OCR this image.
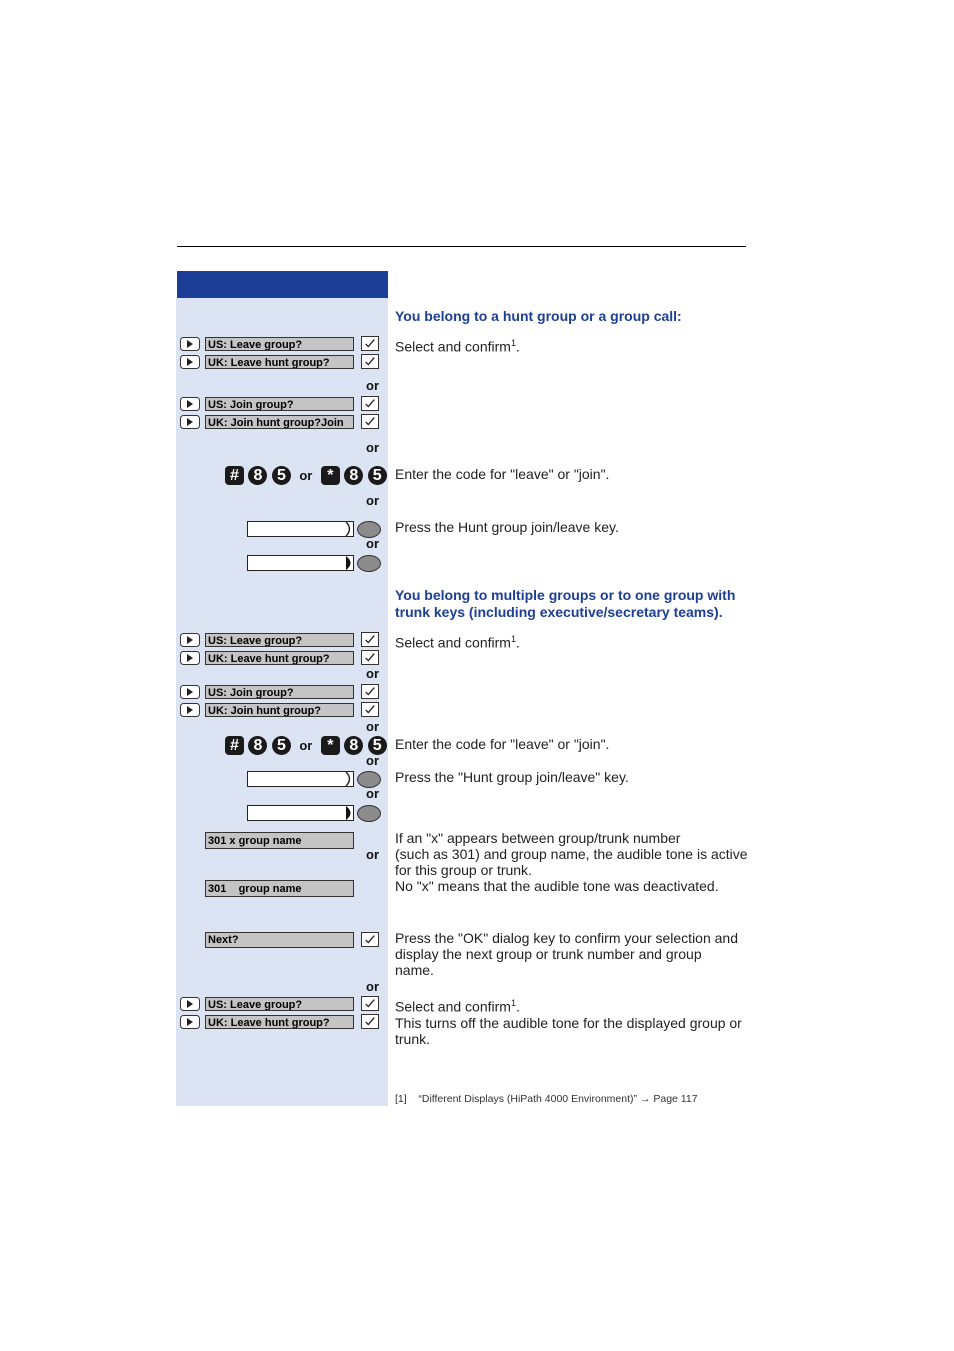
US: Leave group?
UK: Leave hunt group?
or
US: Join group?
UK: Join hunt group?Join
or
# 8 5 or * 8 5
or
or
You belong to a hunt group or a group call:
Select and confirm$^1$.
Enter the code for "leave" or "join".
Press the Hunt group join/leave key.
You belong to multiple groups or to one group with
trunk keys (including executive/secretary teams).
Select and confirm$^1$.
Enter the code for "leave" or "join".
Press the "Hunt group join/leave" key.
If an "x" appears between group/trunk number
(such as 301) and group name, the audible tone is active
for this group or trunk.
No "x" means that the audible tone was deactivated.
Press the "OK" dialog key to confirm your selection and
display the next group or trunk number and group
name.
Select and confirm$^1$.
This turns off the audible tone for the displayed group or
trunk.
US: Leave group?
UK: Leave hunt group?
or
US: Join group?
UK: Join hunt group?
or
# 8 5 or * 8 5
or
or
301 x group name
or
301    group name
Next?
or
US: Leave group?
UK: Leave hunt group?
[1] “Different Displays (HiPath 4000 Environment)” → Page 117
